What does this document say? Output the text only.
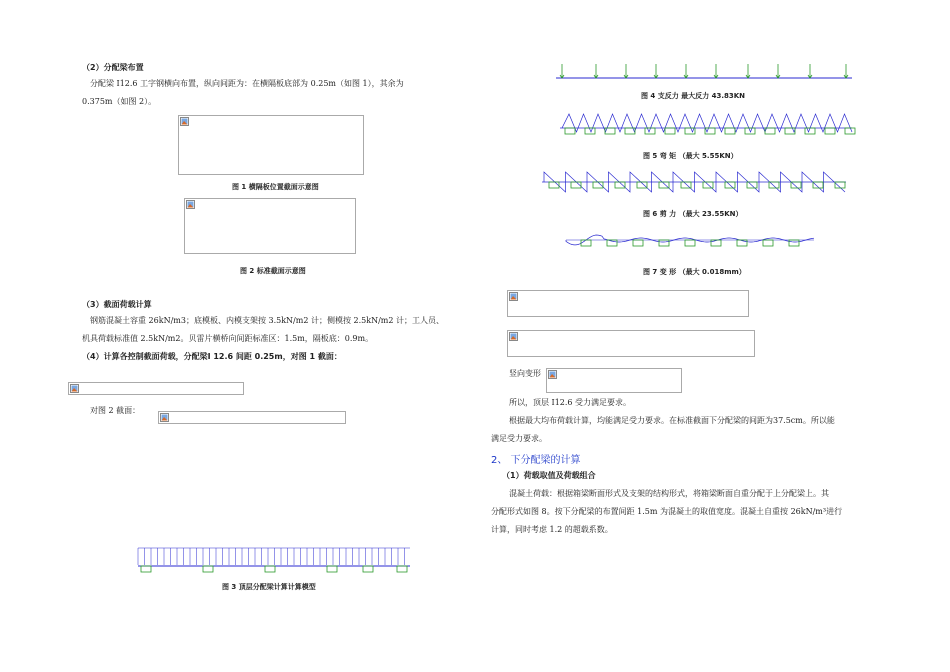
（2）分配梁布置
分配梁 I12.6 工字钢横向布置，纵向间距为：在横隔板底部为 0.25m（如图 1），其余为
0.375m（如图 2）。
图 1 横隔板位置截面示意图
图 2 标准截面示意图
（3）截面荷载计算
钢筋混凝土容重 26kN/m3；底模板、内模支架按 3.5kN/m2 计；侧模按 2.5kN/m2 计；工人员、
机具荷载标准值 2.5kN/m2。贝雷片横桥向间距标准区：1.5m，隔板底：0.9m。
（4）计算各控制截面荷载，分配梁Ⅰ 12.6 间距 0.25m，对图 1 截面：
对图 2 截面：
图 3 顶层分配梁计算计算模型
图 4 支反力 最大反力 43.83KN
图 5 弯 矩 （最大 5.55KN）
图 6 剪 力 （最大 23.55KN）
图 7 变 形 （最大 0.018mm）
竖向变形
所以，顶层 I12.6 受力满足要求。
根据最大均布荷载计算，均能满足受力要求。在标准截面下分配梁的间距为37.5cm。所以能
满足受力要求。
2、 下分配梁的计算
（1）荷载取值及荷载组合
混凝土荷载：根据箱梁断面形式及支架的结构形式，将箱梁断面自重分配于上分配梁上。其
分配形式如图 8。按下分配梁的布置间距 1.5m 为混凝土的取值宽度。混凝土自重按 26kN/m³进行
计算，同时考虑 1.2 的超载系数。
